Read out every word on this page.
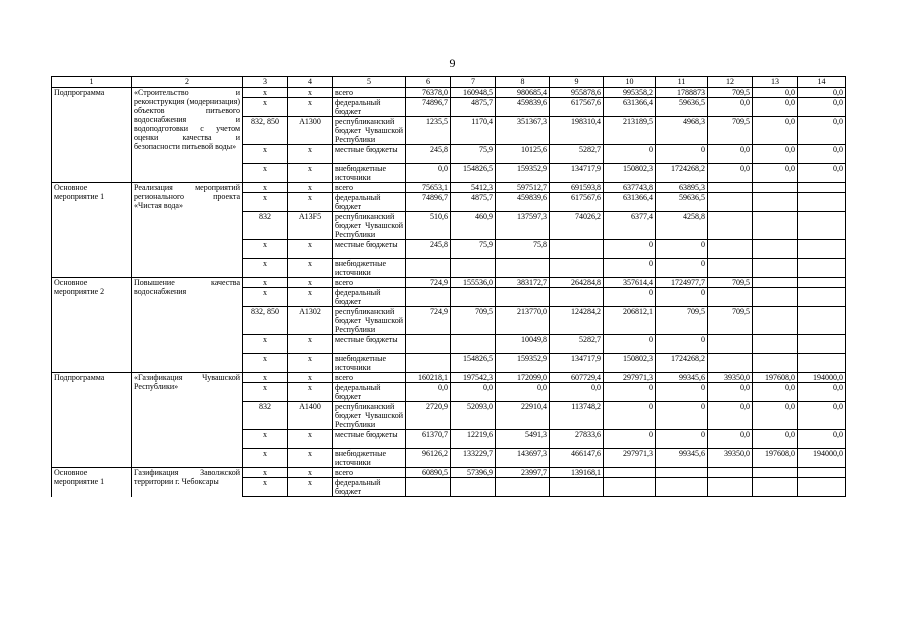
9
1	2	3	4	5	6	7	8	9	10	11	12	13	14
Подпрограмма	«Строительство и реконструкция (модернизация) объектов питьевого водоснабжения и водоподготовки с учетом оценки качества и безопасности питьевой воды»	x	x	всего	76378,0	160948,5	980685,4	955878,6	995358,2	1788873	709,5	0,0	0,0
		x	x	федеральный бюджет	74896,7	4875,7	459839,6	617567,6	631366,4	59636,5	0,0	0,0	0,0
		832, 850	A1300	республиканский бюджет Чувашской Республики	1235,5	1170,4	351367,3	198310,4	213189,5	4968,3	709,5	0,0	0,0
		x	x	местные бюджеты	245,8	75,9	10125,6	5282,7	0	0	0,0	0,0	0,0
		x	x	внебюджетные источники	0,0	154826,5	159352,9	134717,9	150802,3	1724268,2	0,0	0,0	0,0
Основное мероприятие 1	Реализация мероприятий регионального проекта «Чистая вода»	x	x	всего	75653,1	5412,3	597512,7	691593,8	637743,8	63895,3			
		x	x	федеральный бюджет	74896,7	4875,7	459839,6	617567,6	631366,4	59636,5			
		832	A13F5	республиканский бюджет Чувашской Республики	510,6	460,9	137597,3	74026,2	6377,4	4258,8			
		x	x	местные бюджеты	245,8	75,9	75,8		0	0			
		x	x	внебюджетные источники					0	0			
Основное мероприятие 2	Повышение качества водоснабжения	x	x	всего	724,9	155536,0	383172,7	264284,8	357614,4	1724977,7	709,5		
		x	x	федеральный бюджет					0	0			
		832, 850	A1302	республиканский бюджет Чувашской Республики	724,9	709,5	213770,0	124284,2	206812,1	709,5	709,5		
		x	x	местные бюджеты			10049,8	5282,7	0	0			
		x	x	внебюджетные источники		154826,5	159352,9	134717,9	150802,3	1724268,2			
Подпрограмма	«Газификация Чувашской Республики»	x	x	всего	160218,1	197542,3	172099,0	607729,4	297971,3	99345,6	39350,0	197608,0	194000,0
		x	x	федеральный бюджет	0,0	0,0	0,0	0,0	0	0	0,0	0,0	0,0
		832	A1400	республиканский бюджет Чувашской Республики	2720,9	52093,0	22910,4	113748,2	0	0	0,0	0,0	0,0
		x	x	местные бюджеты	61370,7	12219,6	5491,3	27833,6	0	0	0,0	0,0	0,0
		x	x	внебюджетные источники	96126,2	133229,7	143697,3	466147,6	297971,3	99345,6	39350,0	197608,0	194000,0
Основное мероприятие 1	Газификация Заволжской территории г. Чебоксары	x	x	всего	60890,5	57396,9	23997,7	139168,1					
		x	x	федеральный бюджет									
